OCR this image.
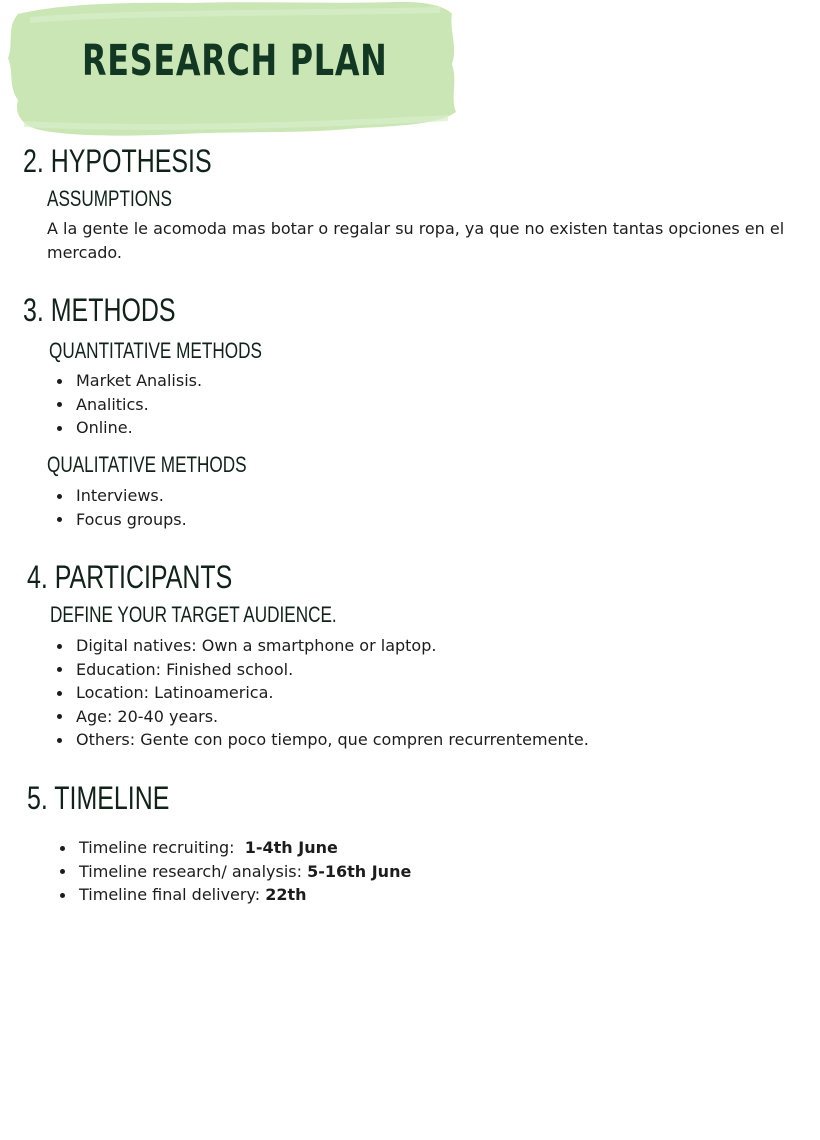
RESEARCH PLAN
2. HYPOTHESIS
ASSUMPTIONS

A la gente le acomoda mas botar o regalar su ropa, ya que no existen tantas opciones en el mercado.

3. METHODS
QUANTITATIVE METHODS
Market Analisis.
Analitics.
Online.
QUALITATIVE METHODS
Interviews.
Focus groups.
4. PARTICIPANTS
DEFINE YOUR TARGET AUDIENCE.
Digital natives: Own a smartphone or laptop.
Education: Finished school.
Location: Latinoamerica.
Age: 20-40 years.
Others: Gente con poco tiempo, que compren recurrentemente.
5. TIMELINE
Timeline recruiting:  1-4th June
Timeline research/ analysis: 5-16th June
Timeline final delivery: 22th
